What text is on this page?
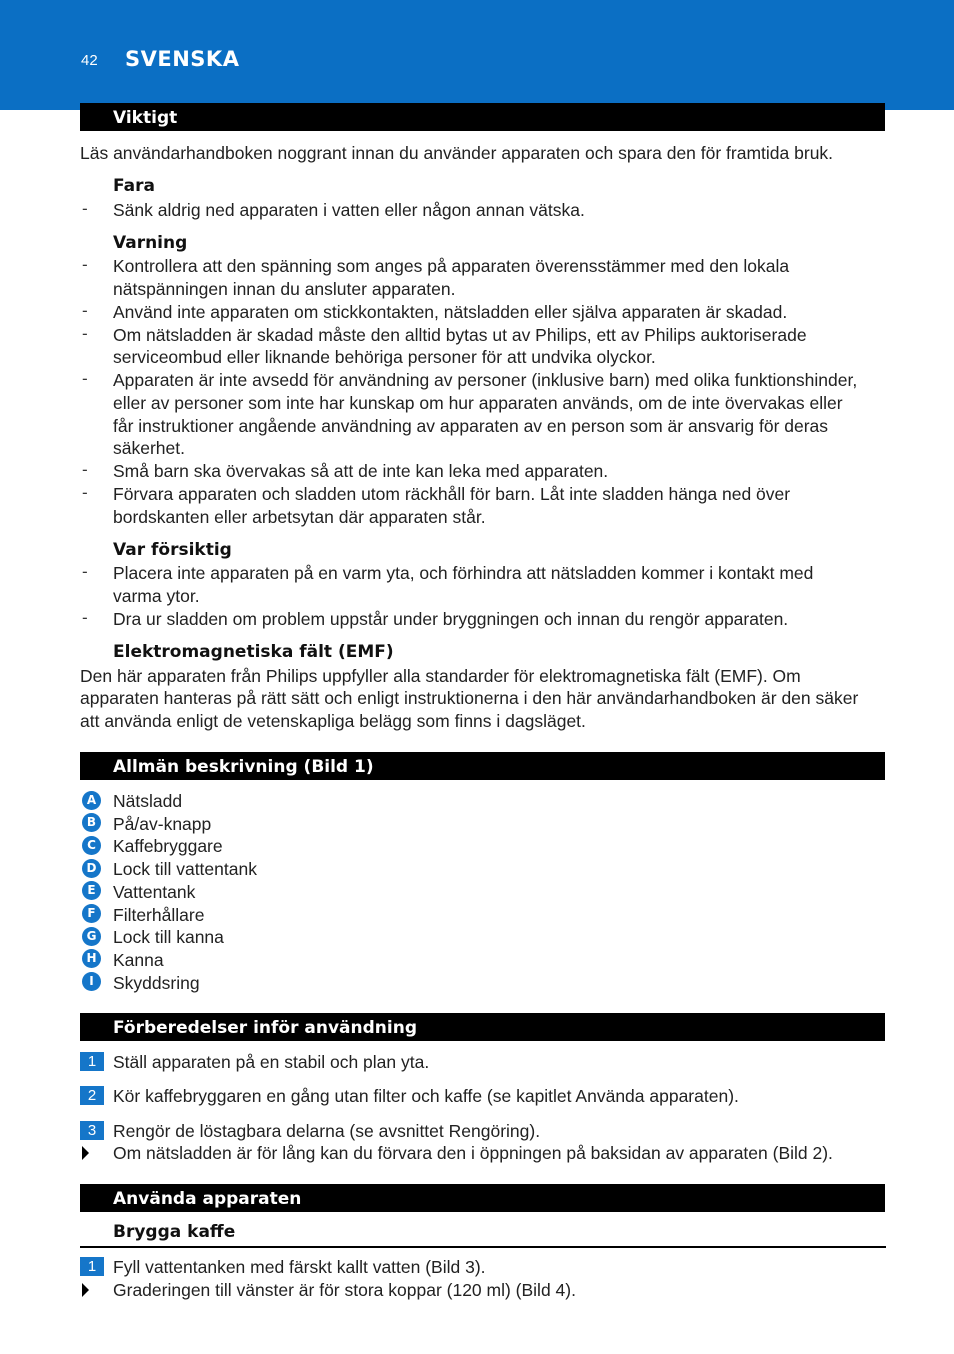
42 SVENSKA
Viktigt
Läs användarhandboken noggrant innan du använder apparaten och spara den för framtida bruk.
Fara
- Sänk aldrig ned apparaten i vatten eller någon annan vätska.
Varning
- Kontrollera att den spänning som anges på apparaten överensstämmer med den lokala
nätspänningen innan du ansluter apparaten.
- Använd inte apparaten om stickkontakten, nätsladden eller själva apparaten är skadad.
- Om nätsladden är skadad måste den alltid bytas ut av Philips, ett av Philips auktoriserade
serviceombud eller liknande behöriga personer för att undvika olyckor.
- Apparaten är inte avsedd för användning av personer (inklusive barn) med olika funktionshinder,
eller av personer som inte har kunskap om hur apparaten används, om de inte övervakas eller
får instruktioner angående användning av apparaten av en person som är ansvarig för deras
säkerhet.
- Små barn ska övervakas så att de inte kan leka med apparaten.
- Förvara apparaten och sladden utom räckhåll för barn. Låt inte sladden hänga ned över
bordskanten eller arbetsytan där apparaten står.
Var försiktig
- Placera inte apparaten på en varm yta, och förhindra att nätsladden kommer i kontakt med
varma ytor.
- Dra ur sladden om problem uppstår under bryggningen och innan du rengör apparaten.
Elektromagnetiska fält (EMF)
Den här apparaten från Philips uppfyller alla standarder för elektromagnetiska fält (EMF). Om
apparaten hanteras på rätt sätt och enligt instruktionerna i den här användarhandboken är den säker
att använda enligt de vetenskapliga belägg som finns i dagsläget.
Allmän beskrivning (Bild 1)
A Nätsladd
B På/av-knapp
C Kaffebryggare
D Lock till vattentank
E Vattentank
F Filterhållare
G Lock till kanna
H Kanna
I	Skyddsring
Förberedelser inför användning
1 Ställ apparaten på en stabil och plan yta.
2 Kör kaffebryggaren en gång utan filter och kaffe (se kapitlet Använda apparaten).
3 Rengör de löstagbara delarna (se avsnittet Rengöring).
Om nätsladden är för lång kan du förvara den i öppningen på baksidan av apparaten (Bild 2).
Använda apparaten
Brygga kaffe
1 Fyll vattentanken med färskt kallt vatten (Bild 3).
Graderingen till vänster är för stora koppar (120 ml) (Bild 4).
